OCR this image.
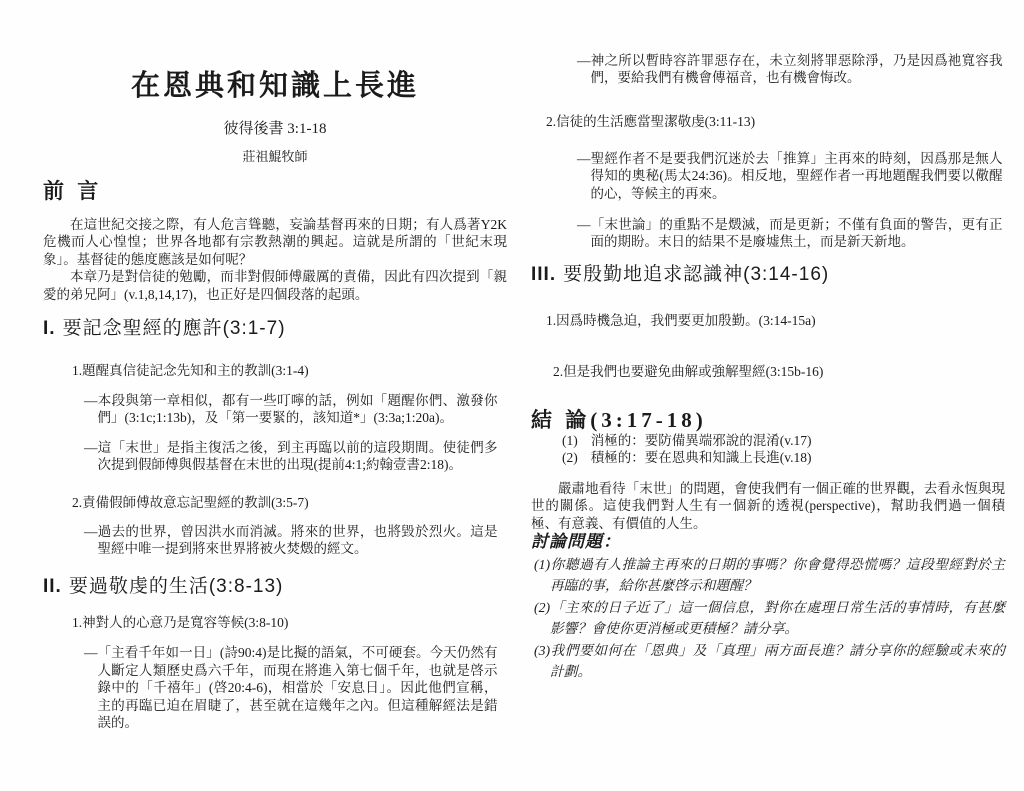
在恩典和知識上長進
彼得後書 3:1-18
莊祖鯤牧師
前 言

在這世紀交接之際，有人危言聳聽，妄論基督再來的日期；有人爲著Y2K危機而人心惶惶；世界各地都有宗教熱潮的興起。這就是所謂的「世紀末現象」。基督徒的態度應該是如何呢？

本章乃是對信徒的勉勵，而非對假師傅嚴厲的責備，因此有四次提到「親愛的弟兄阿」(v.1,8,14,17)，也正好是四個段落的起頭。

I. 要記念聖經的應許(3:1-7)

1.題醒真信徒記念先知和主的教訓(3:1-4)

—本段與第一章相似，都有一些叮嚀的話，例如「題醒你們、激發你們」(3:1c;1:13b)，及「第一要緊的，該知道*」(3:3a;1:20a)。

—這「末世」是指主復活之後，到主再臨以前的這段期間。使徒們多次提到假師傅與假基督在末世的出現(提前4:1;約翰壹書2:18)。

2.責備假師傅故意忘記聖經的教訓(3:5-7)

—過去的世界，曾因洪水而消滅。將來的世界，也將毀於烈火。這是聖經中唯一提到將來世界將被火焚燬的經文。

II. 要過敬虔的生活(3:8-13)

1.神對人的心意乃是寬容等候(3:8-10)

—「主看千年如一日」(詩90:4)是比擬的語氣，不可硬套。今天仍然有人斷定人類歷史爲六千年，而現在將進入第七個千年，也就是啓示錄中的「千禧年」(啓20:4-6)，相當於「安息日」。因此他們宣稱，主的再臨已迫在眉睫了，甚至就在這幾年之內。但這種解經法是錯誤的。

—神之所以暫時容許罪惡存在，未立刻將罪惡除淨，乃是因爲祂寬容我們，要給我們有機會傳福音，也有機會悔改。

2.信徒的生活應當聖潔敬虔(3:11-13)

—聖經作者不是要我們沉迷於去「推算」主再來的時刻，因爲那是無人得知的奧秘(馬太24:36)。相反地，聖經作者一再地題醒我們要以儆醒的心，等候主的再來。

—「末世論」的重點不是燬滅，而是更新；不僅有負面的警告，更有正面的期盼。末日的結果不是廢墟焦土，而是新天新地。

III. 要殷勤地追求認識神(3:14-16)

1.因爲時機急迫，我們要更加殷勤。(3:14-15a)

2.但是我們也要避免曲解或強解聖經(3:15b-16)

結 論(3:17-18)

(1) 消極的：要防備異端邪說的混淆(v.17)

(2) 積極的：要在恩典和知識上長進(v.18)

嚴肅地看待「末世」的問題，會使我們有一個正確的世界觀，去看永恆與現世的關係。這使我們對人生有一個新的透視(perspective)，幫助我們過一個積極、有意義、有價值的人生。

討論問題：

(1)你聽過有人推論主再來的日期的事嗎？你會覺得恐慌嗎？這段聖經對於主再臨的事，給你甚麼啓示和題醒？

(2)「主來的日子近了」這一個信息，對你在處理日常生活的事情時，有甚麼影響？會使你更消極或更積極？請分享。

(3)我們要如何在「恩典」及「真理」兩方面長進？請分享你的經驗或未來的計劃。
